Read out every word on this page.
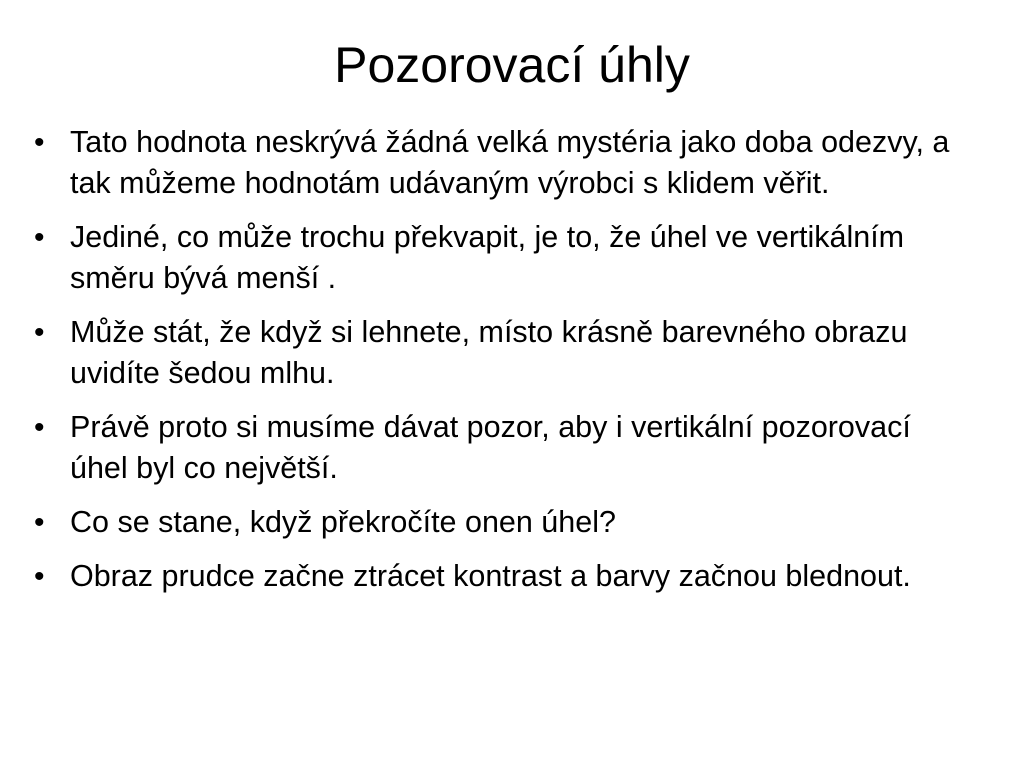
Pozorovací úhly
• Tato hodnota neskrývá žádná velká mystéria jako doba odezvy, a tak můžeme hodnotám udávaným výrobci s klidem věřit.
• Jediné, co může trochu překvapit, je to, že úhel ve vertikálním směru bývá menší .
• Může stát, že když si lehnete, místo krásně barevného obrazu uvidíte šedou mlhu.
• Právě proto si musíme dávat pozor, aby i vertikální pozorovací úhel byl co největší.
• Co se stane, když překročíte onen úhel?
• Obraz prudce začne ztrácet kontrast a barvy začnou blednout.
